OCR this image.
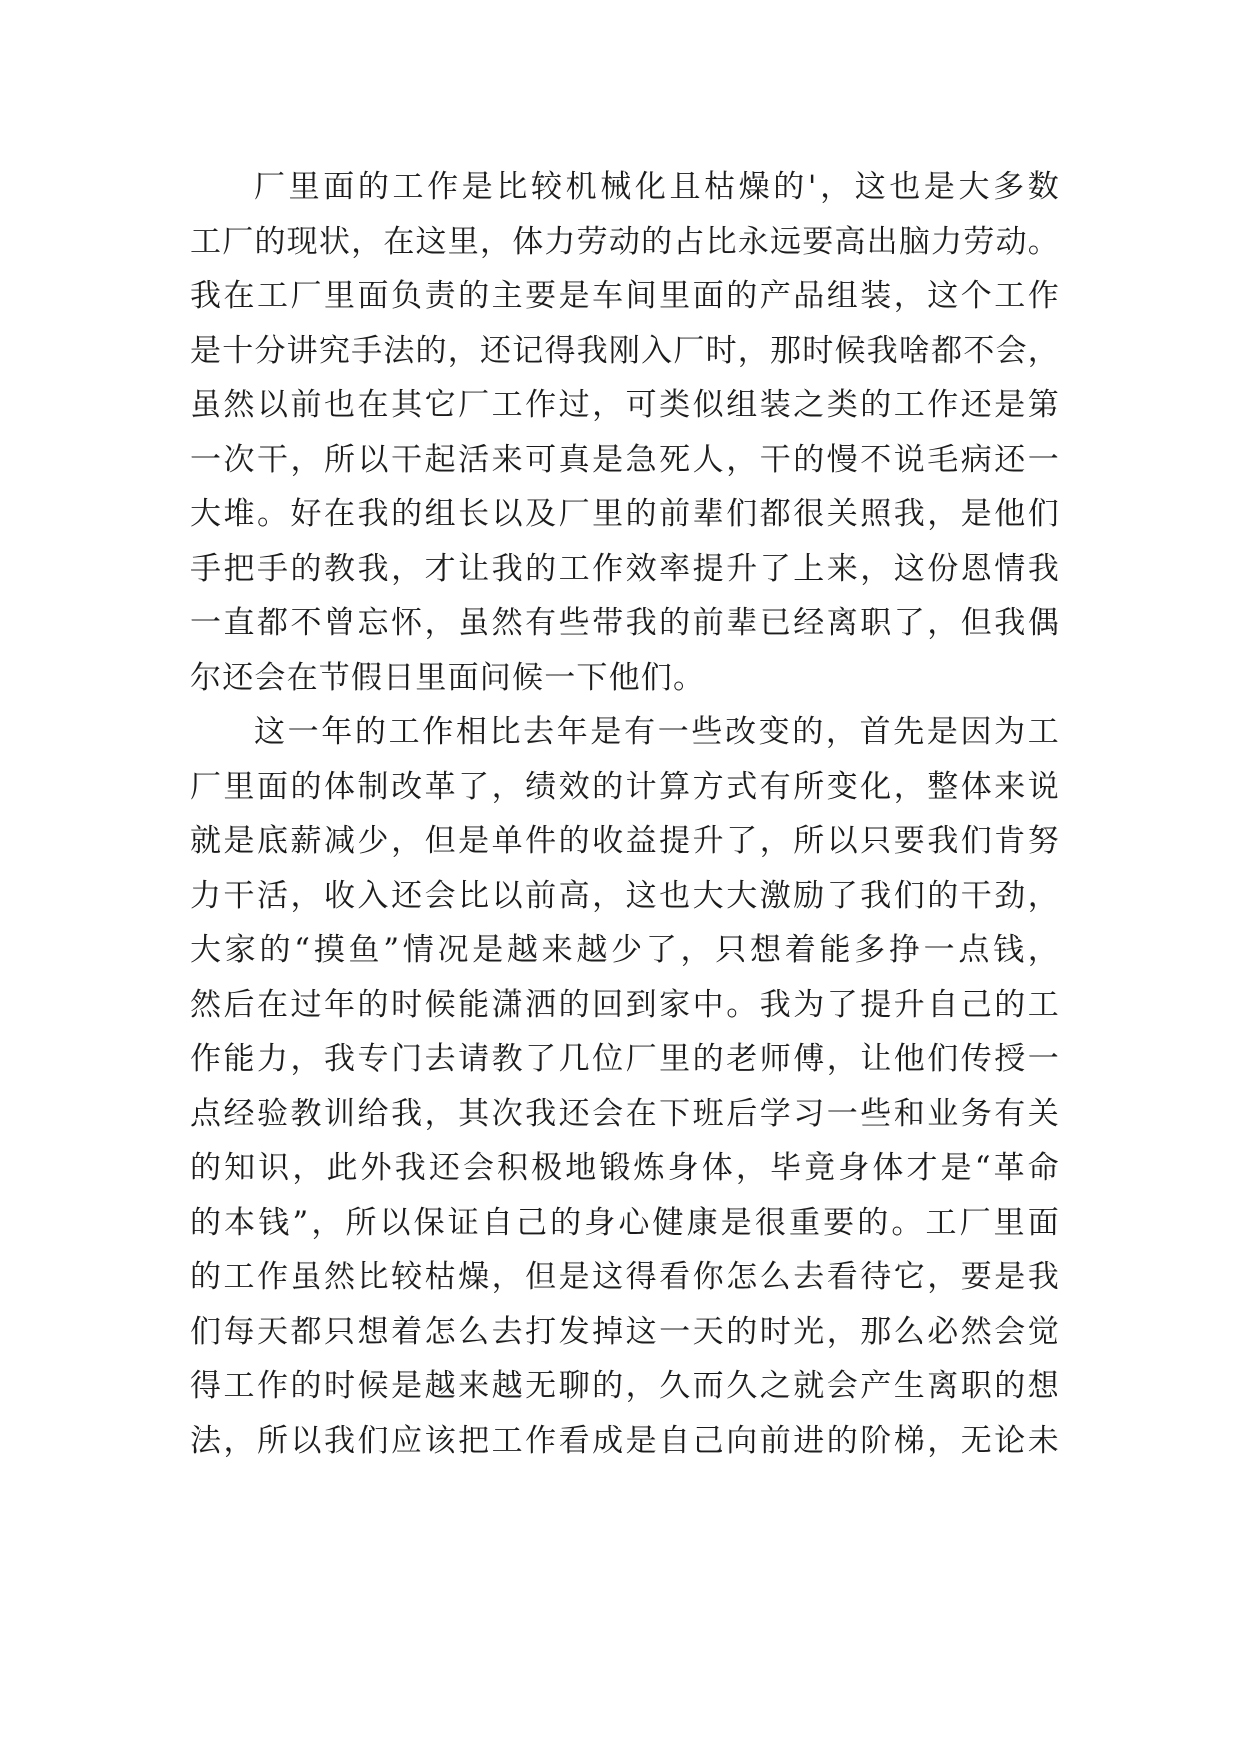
厂里面的工作是比较机械化且枯燥的'，这也是大多数
工厂的现状，在这里，体力劳动的占比永远要高出脑力劳动。
我在工厂里面负责的主要是车间里面的产品组装，这个工作
是十分讲究手法的，还记得我刚入厂时，那时候我啥都不会，
虽然以前也在其它厂工作过，可类似组装之类的工作还是第
一次干，所以干起活来可真是急死人，干的慢不说毛病还一
大堆。好在我的组长以及厂里的前辈们都很关照我，是他们
手把手的教我，才让我的工作效率提升了上来，这份恩情我
一直都不曾忘怀，虽然有些带我的前辈已经离职了，但我偶
尔还会在节假日里面问候一下他们。
这一年的工作相比去年是有一些改变的，首先是因为工
厂里面的体制改革了，绩效的计算方式有所变化，整体来说
就是底薪减少，但是单件的收益提升了，所以只要我们肯努
力干活，收入还会比以前高，这也大大激励了我们的干劲，
大家的“摸鱼”情况是越来越少了，只想着能多挣一点钱，
然后在过年的时候能潇洒的回到家中。我为了提升自己的工
作能力，我专门去请教了几位厂里的老师傅，让他们传授一
点经验教训给我，其次我还会在下班后学习一些和业务有关
的知识，此外我还会积极地锻炼身体，毕竟身体才是“革命
的本钱”，所以保证自己的身心健康是很重要的。工厂里面
的工作虽然比较枯燥，但是这得看你怎么去看待它，要是我
们每天都只想着怎么去打发掉这一天的时光，那么必然会觉
得工作的时候是越来越无聊的，久而久之就会产生离职的想
法，所以我们应该把工作看成是自己向前进的阶梯，无论未
